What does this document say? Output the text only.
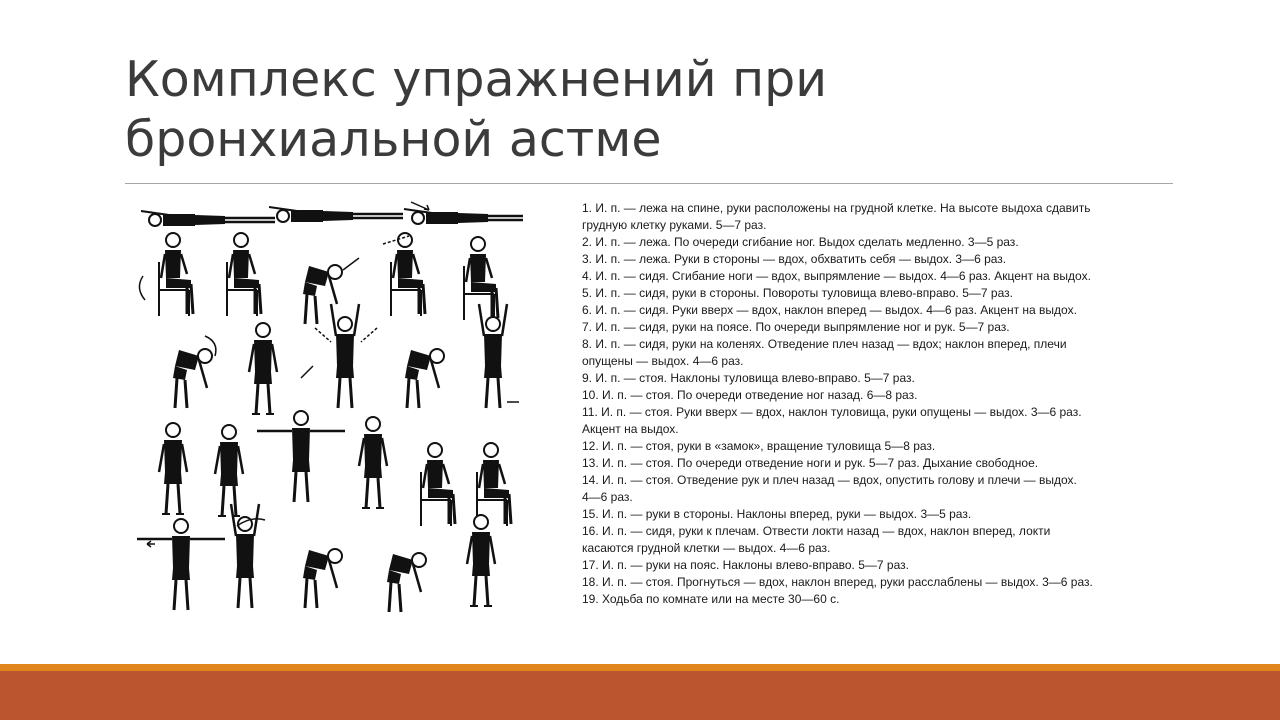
Комплекс упражнений при
бронхиальной астме
1. И. п. — лежа на спине, руки расположены на грудной клетке. На высоте выдоха сдавить
грудную клетку руками. 5—7 раз.
2. И. п. — лежа. По очереди сгибание ног. Выдох сделать медленно. 3—5 раз.
3. И. п. — лежа. Руки в стороны — вдох, обхватить себя — выдох. 3—6 раз.
4. И. п. — сидя. Сгибание ноги — вдох, выпрямление — выдох. 4—6 раз. Акцент на выдох.
5. И. п. — сидя, руки в стороны. Повороты туловища влево-вправо. 5—7 раз.
6. И. п. — сидя. Руки вверх — вдох, наклон вперед — выдох. 4—6 раз. Акцент на выдох.
7. И. п. — сидя, руки на поясе. По очереди выпрямление ног и рук. 5—7 раз.
8. И. п. — сидя, руки на коленях. Отведение плеч назад — вдох; наклон вперед, плечи
опущены — выдох. 4—6 раз.
9. И. п. — стоя. Наклоны туловища влево-вправо. 5—7 раз.
10. И. п. — стоя. По очереди отведение ног назад. 6—8 раз.
11. И. п. — стоя. Руки вверх — вдох, наклон туловища, руки опущены — выдох. 3—6 раз.
Акцент на выдох.
12. И. п. — стоя, руки в «замок», вращение туловища 5—8 раз.
13. И. п. — стоя. По очереди отведение ноги и рук. 5—7 раз. Дыхание свободное.
14. И. п. — стоя. Отведение рук и плеч назад — вдох, опустить голову и плечи — выдох.
4—6 раз.
15. И. п. — руки в стороны. Наклоны вперед, руки — выдох. 3—5 раз.
16. И. п. — сидя, руки к плечам. Отвести локти назад — вдох, наклон вперед, локти
касаются грудной клетки — выдох. 4—6 раз.
17. И. п. — руки на пояс. Наклоны влево-вправо. 5—7 раз.
18. И. п. — стоя. Прогнуться — вдох, наклон вперед, руки расслаблены — выдох. 3—6 раз.
19. Ходьба по комнате или на месте 30—60 с.
